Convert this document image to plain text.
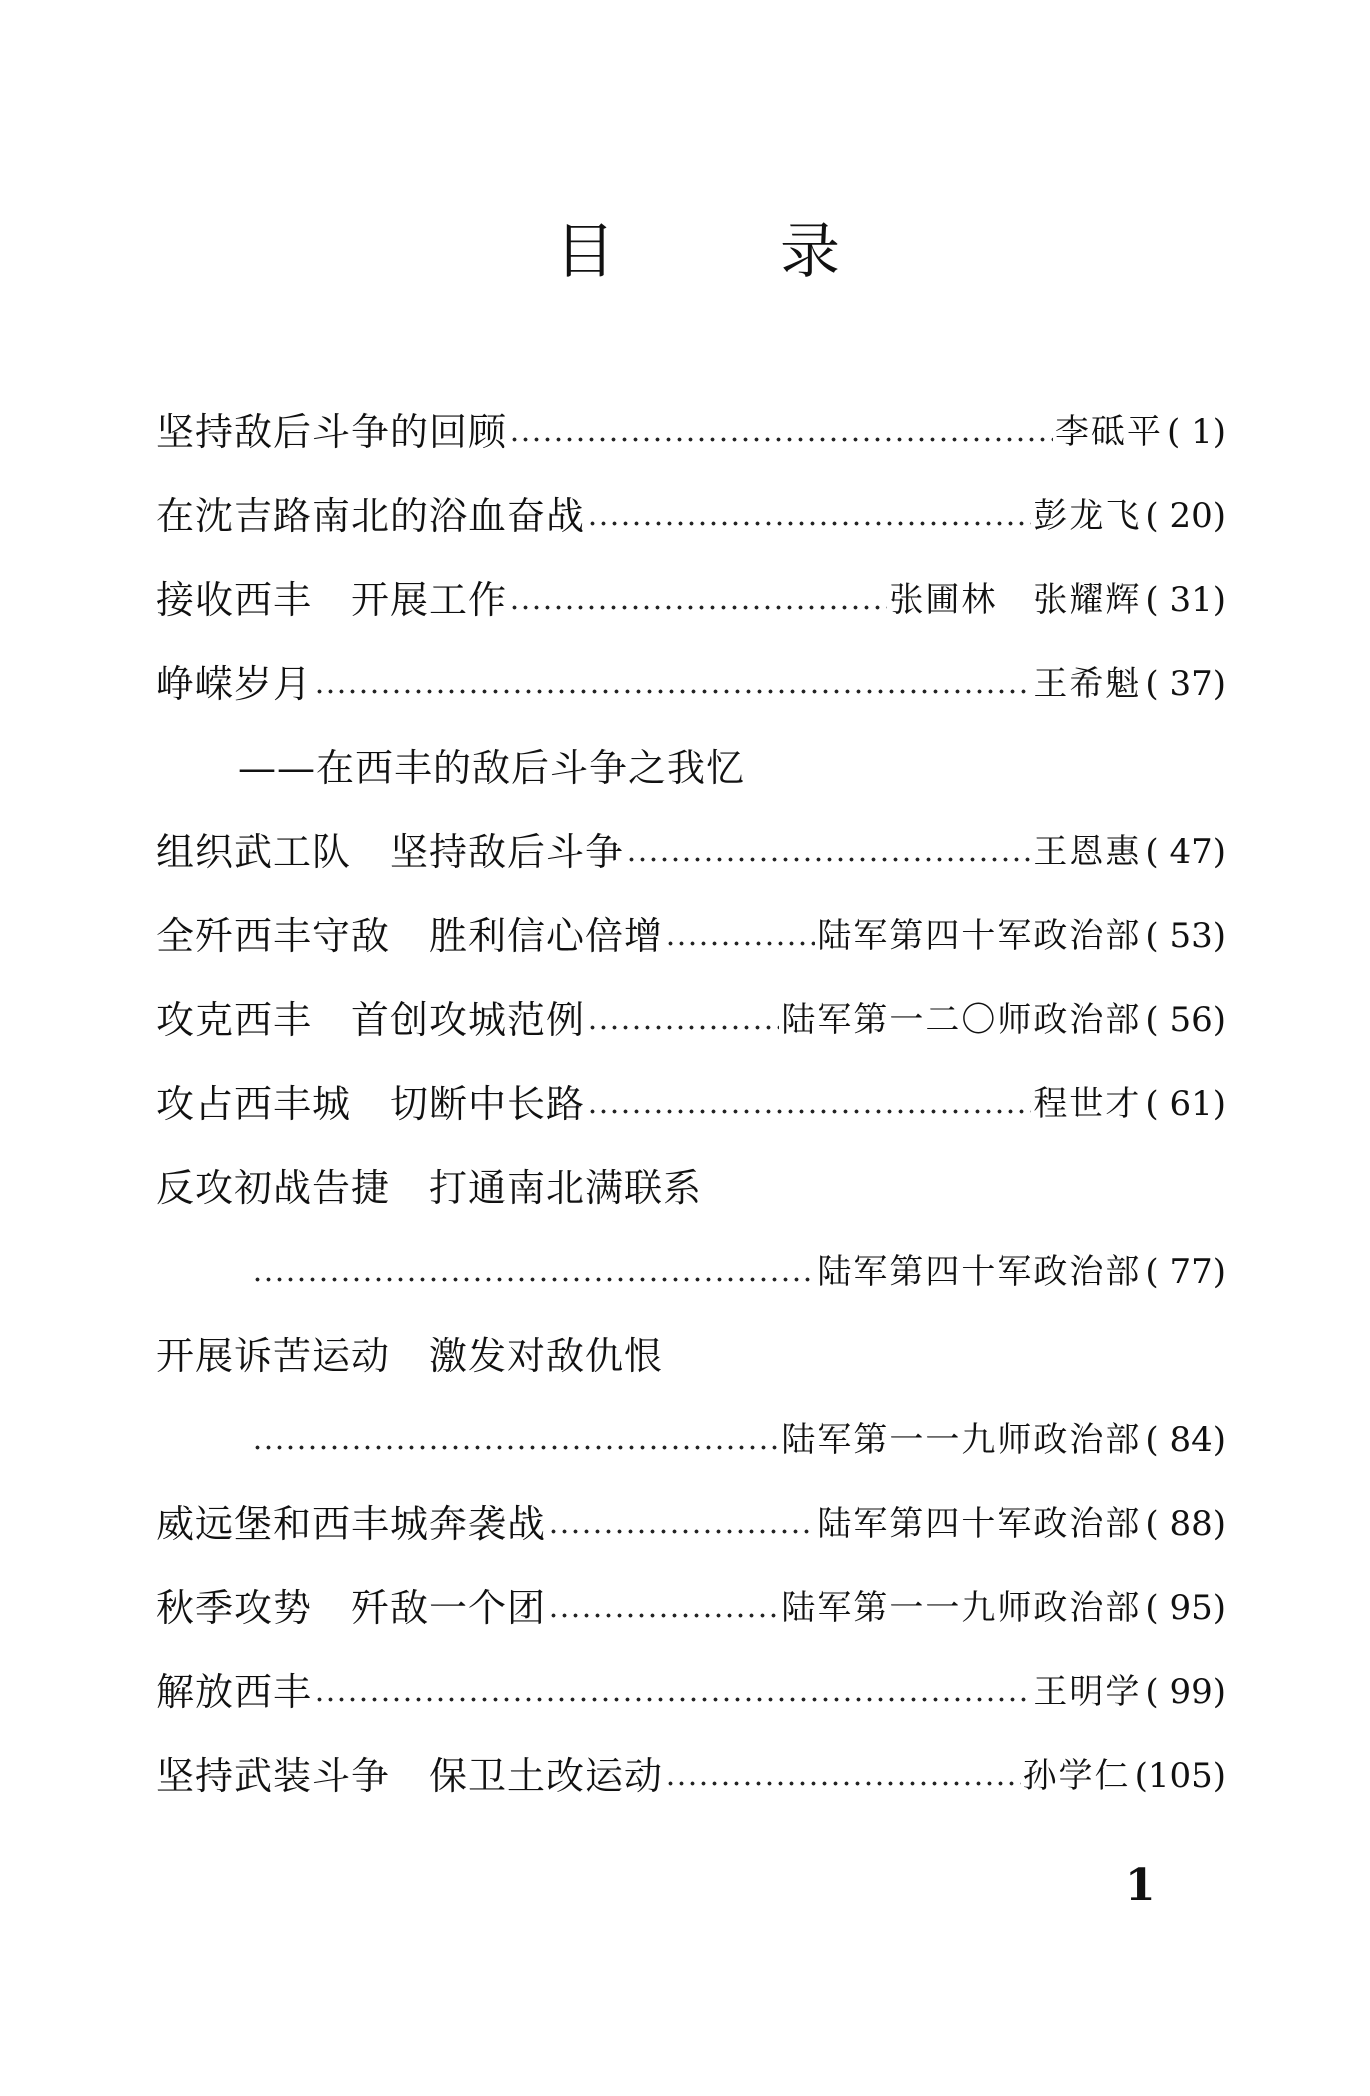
目	录
坚持敌后斗争的回顾	李砥平 ( 1)
在沈吉路南北的浴血奋战	彭龙飞 ( 20)
接收西丰　开展工作	张圃林　张耀辉 ( 31)
峥嵘岁月	王希魁 ( 37)
——在西丰的敌后斗争之我忆
组织武工队　坚持敌后斗争	王恩惠 ( 47)
全歼西丰守敌　胜利信心倍增	陆军第四十军政治部 ( 53)
攻克西丰　首创攻城范例	陆军第一二〇师政治部 ( 56)
攻占西丰城　切断中长路	程世才 ( 61)
反攻初战告捷　打通南北满联系
陆军第四十军政治部 ( 77)
开展诉苦运动　激发对敌仇恨
陆军第一一九师政治部 ( 84)
威远堡和西丰城奔袭战	陆军第四十军政治部 ( 88)
秋季攻势　歼敌一个团	陆军第一一九师政治部 ( 95)
解放西丰	王明学 ( 99)
坚持武装斗争　保卫土改运动	孙学仁 (105)
1
